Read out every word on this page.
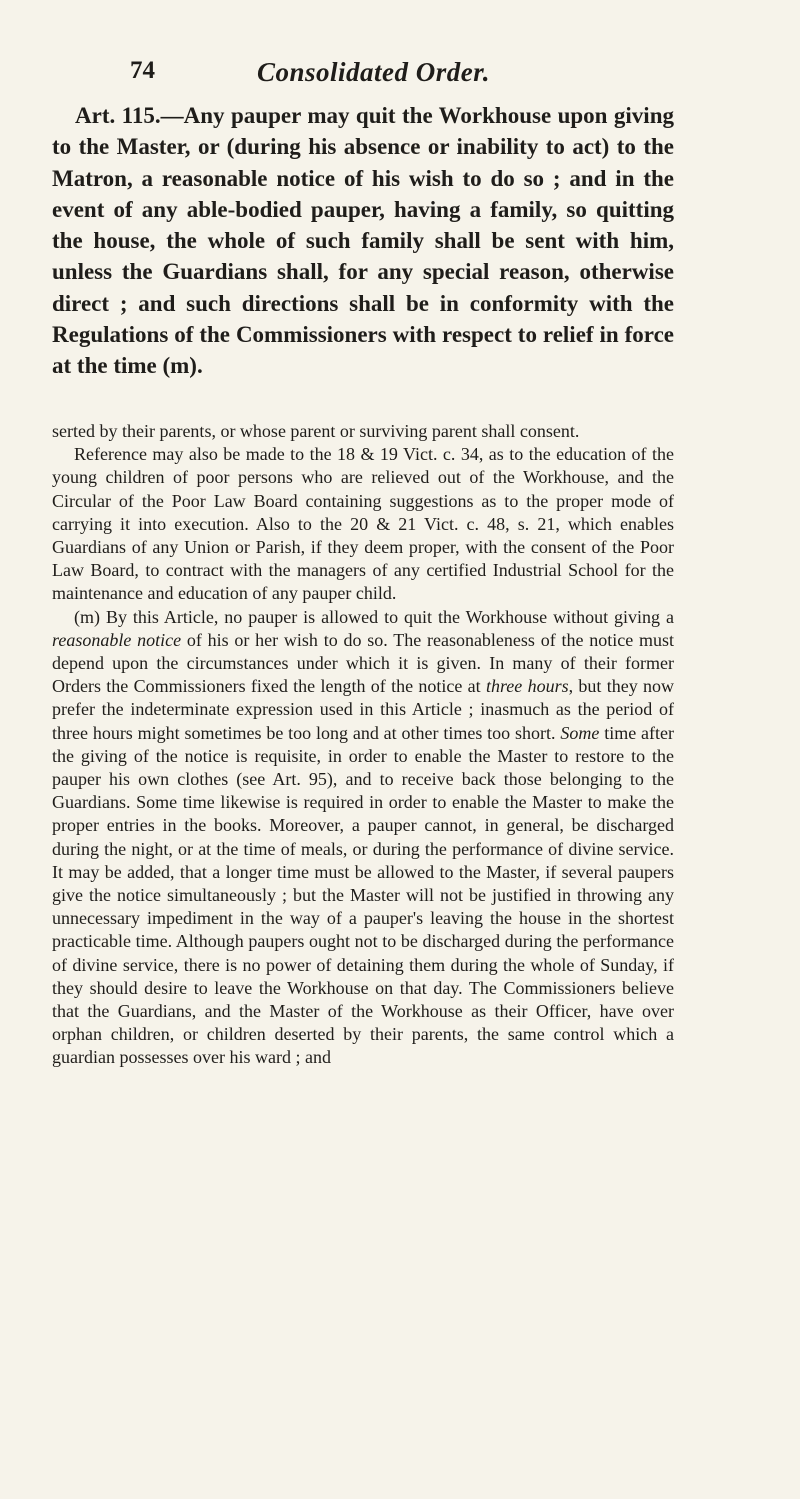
74	Consolidated Order.

Art. 115.—Any pauper may quit the Workhouse upon giving to the Master, or (during his absence or inability to act) to the Matron, a reasonable notice of his wish to do so ; and in the event of any able-bodied pauper, having a family, so quitting the house, the whole of such family shall be sent with him, unless the Guardians shall, for any special reason, otherwise direct ; and such directions shall be in conformity with the Regulations of the Commissioners with respect to relief in force at the time (m).

serted by their parents, or whose parent or surviving parent shall consent.

Reference may also be made to the 18 & 19 Vict. c. 34, as to the education of the young children of poor persons who are relieved out of the Workhouse, and the Circular of the Poor Law Board containing suggestions as to the proper mode of carrying it into execution. Also to the 20 & 21 Vict. c. 48, s. 21, which enables Guardians of any Union or Parish, if they deem proper, with the consent of the Poor Law Board, to contract with the managers of any certified Industrial School for the maintenance and education of any pauper child.

(m) By this Article, no pauper is allowed to quit the Workhouse without giving a reasonable notice of his or her wish to do so. The reasonableness of the notice must depend upon the circumstances under which it is given. In many of their former Orders the Commissioners fixed the length of the notice at three hours, but they now prefer the indeterminate expression used in this Article ; inasmuch as the period of three hours might sometimes be too long and at other times too short. Some time after the giving of the notice is requisite, in order to enable the Master to restore to the pauper his own clothes (see Art. 95), and to receive back those belonging to the Guardians. Some time likewise is required in order to enable the Master to make the proper entries in the books. Moreover, a pauper cannot, in general, be discharged during the night, or at the time of meals, or during the performance of divine service. It may be added, that a longer time must be allowed to the Master, if several paupers give the notice simultaneously ; but the Master will not be justified in throwing any unnecessary impediment in the way of a pauper's leaving the house in the shortest practicable time. Although paupers ought not to be discharged during the performance of divine service, there is no power of detaining them during the whole of Sunday, if they should desire to leave the Workhouse on that day. The Commissioners believe that the Guardians, and the Master of the Workhouse as their Officer, have over orphan children, or children deserted by their parents, the same control which a guardian possesses over his ward ; and
